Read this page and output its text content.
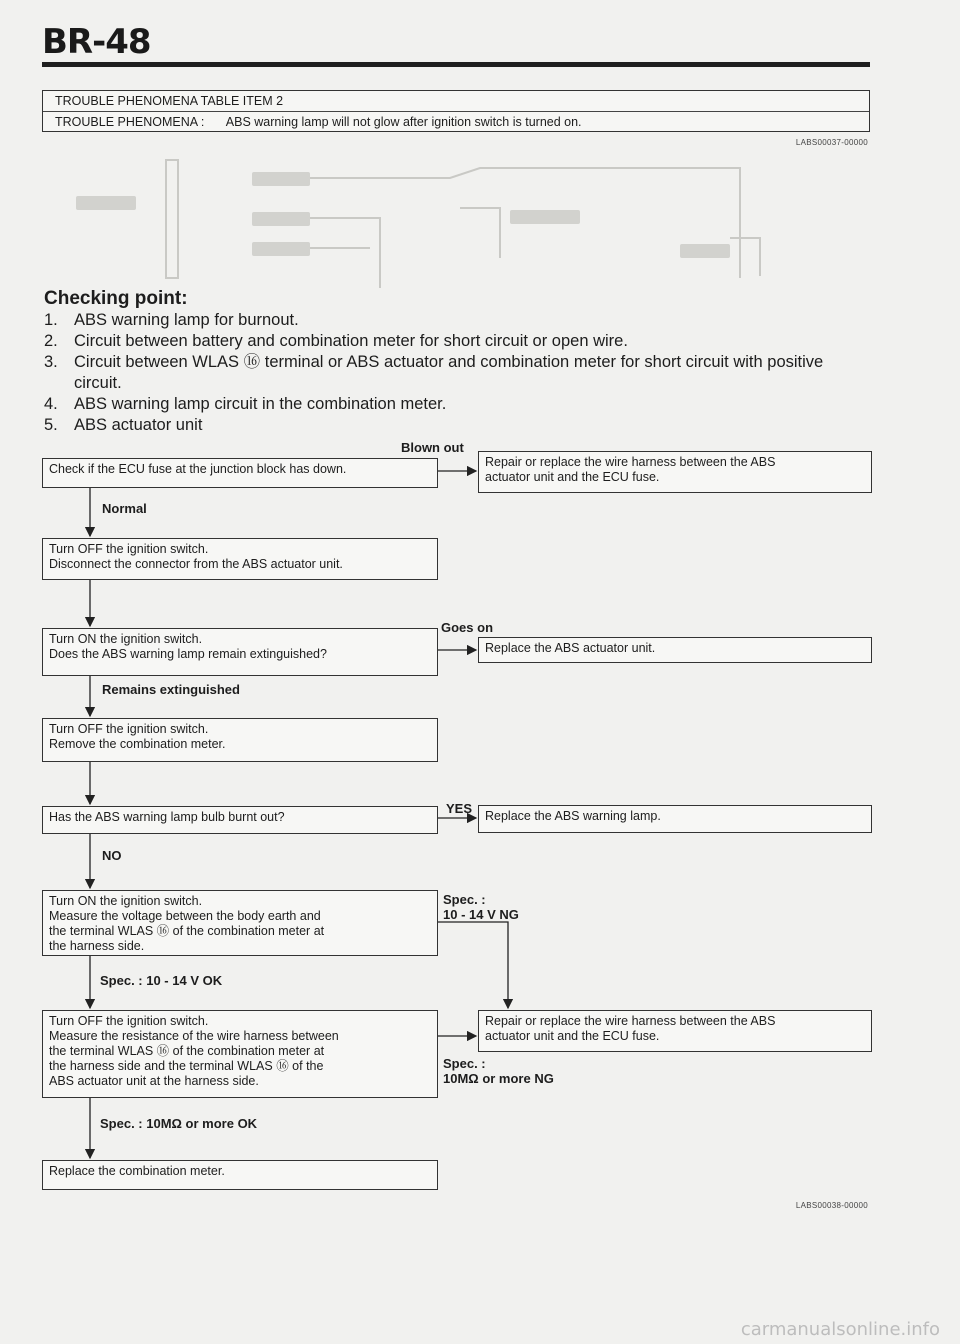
BR-48
TROUBLE PHENOMENA TABLE ITEM 2
TROUBLE PHENOMENA : ABS warning lamp will not glow after ignition switch is turned on.
LABS00037-00000
Checking point:
1. ABS warning lamp for burnout.
2. Circuit between battery and combination meter for short circuit or open wire.
3. Circuit between WLAS ⑯ terminal or ABS actuator and combination meter for short circuit with positive circuit.
4. ABS warning lamp circuit in the combination meter.
5. ABS actuator unit
Check if the ECU fuse at the junction block has down.
Turn OFF the ignition switch.
Disconnect the connector from the ABS actuator unit.
Turn ON the ignition switch.
Does the ABS warning lamp remain extinguished?
Turn OFF the ignition switch.
Remove the combination meter.
Has the ABS warning lamp bulb burnt out?
Turn ON the ignition switch.
Measure the voltage between the body earth and
the terminal WLAS ⑯ of the combination meter at
the harness side.
Turn OFF the ignition switch.
Measure the resistance of the wire harness between
the terminal WLAS ⑯ of the combination meter at
the harness side and the terminal WLAS ⑯ of the
ABS actuator unit at the harness side.
Replace the combination meter.
Repair or replace the wire harness between the ABS
actuator unit and the ECU fuse.
Replace the ABS actuator unit.
Replace the ABS warning lamp.
Repair or replace the wire harness between the ABS
actuator unit and the ECU fuse.
Blown out
Normal
Goes on
Remains extinguished
YES
NO
Spec. :
10 - 14 V NG
Spec. : 10 - 14 V OK
Spec. :
10MΩ or more NG
Spec. : 10MΩ or more OK
LABS00038-00000
carmanualsonline.info
